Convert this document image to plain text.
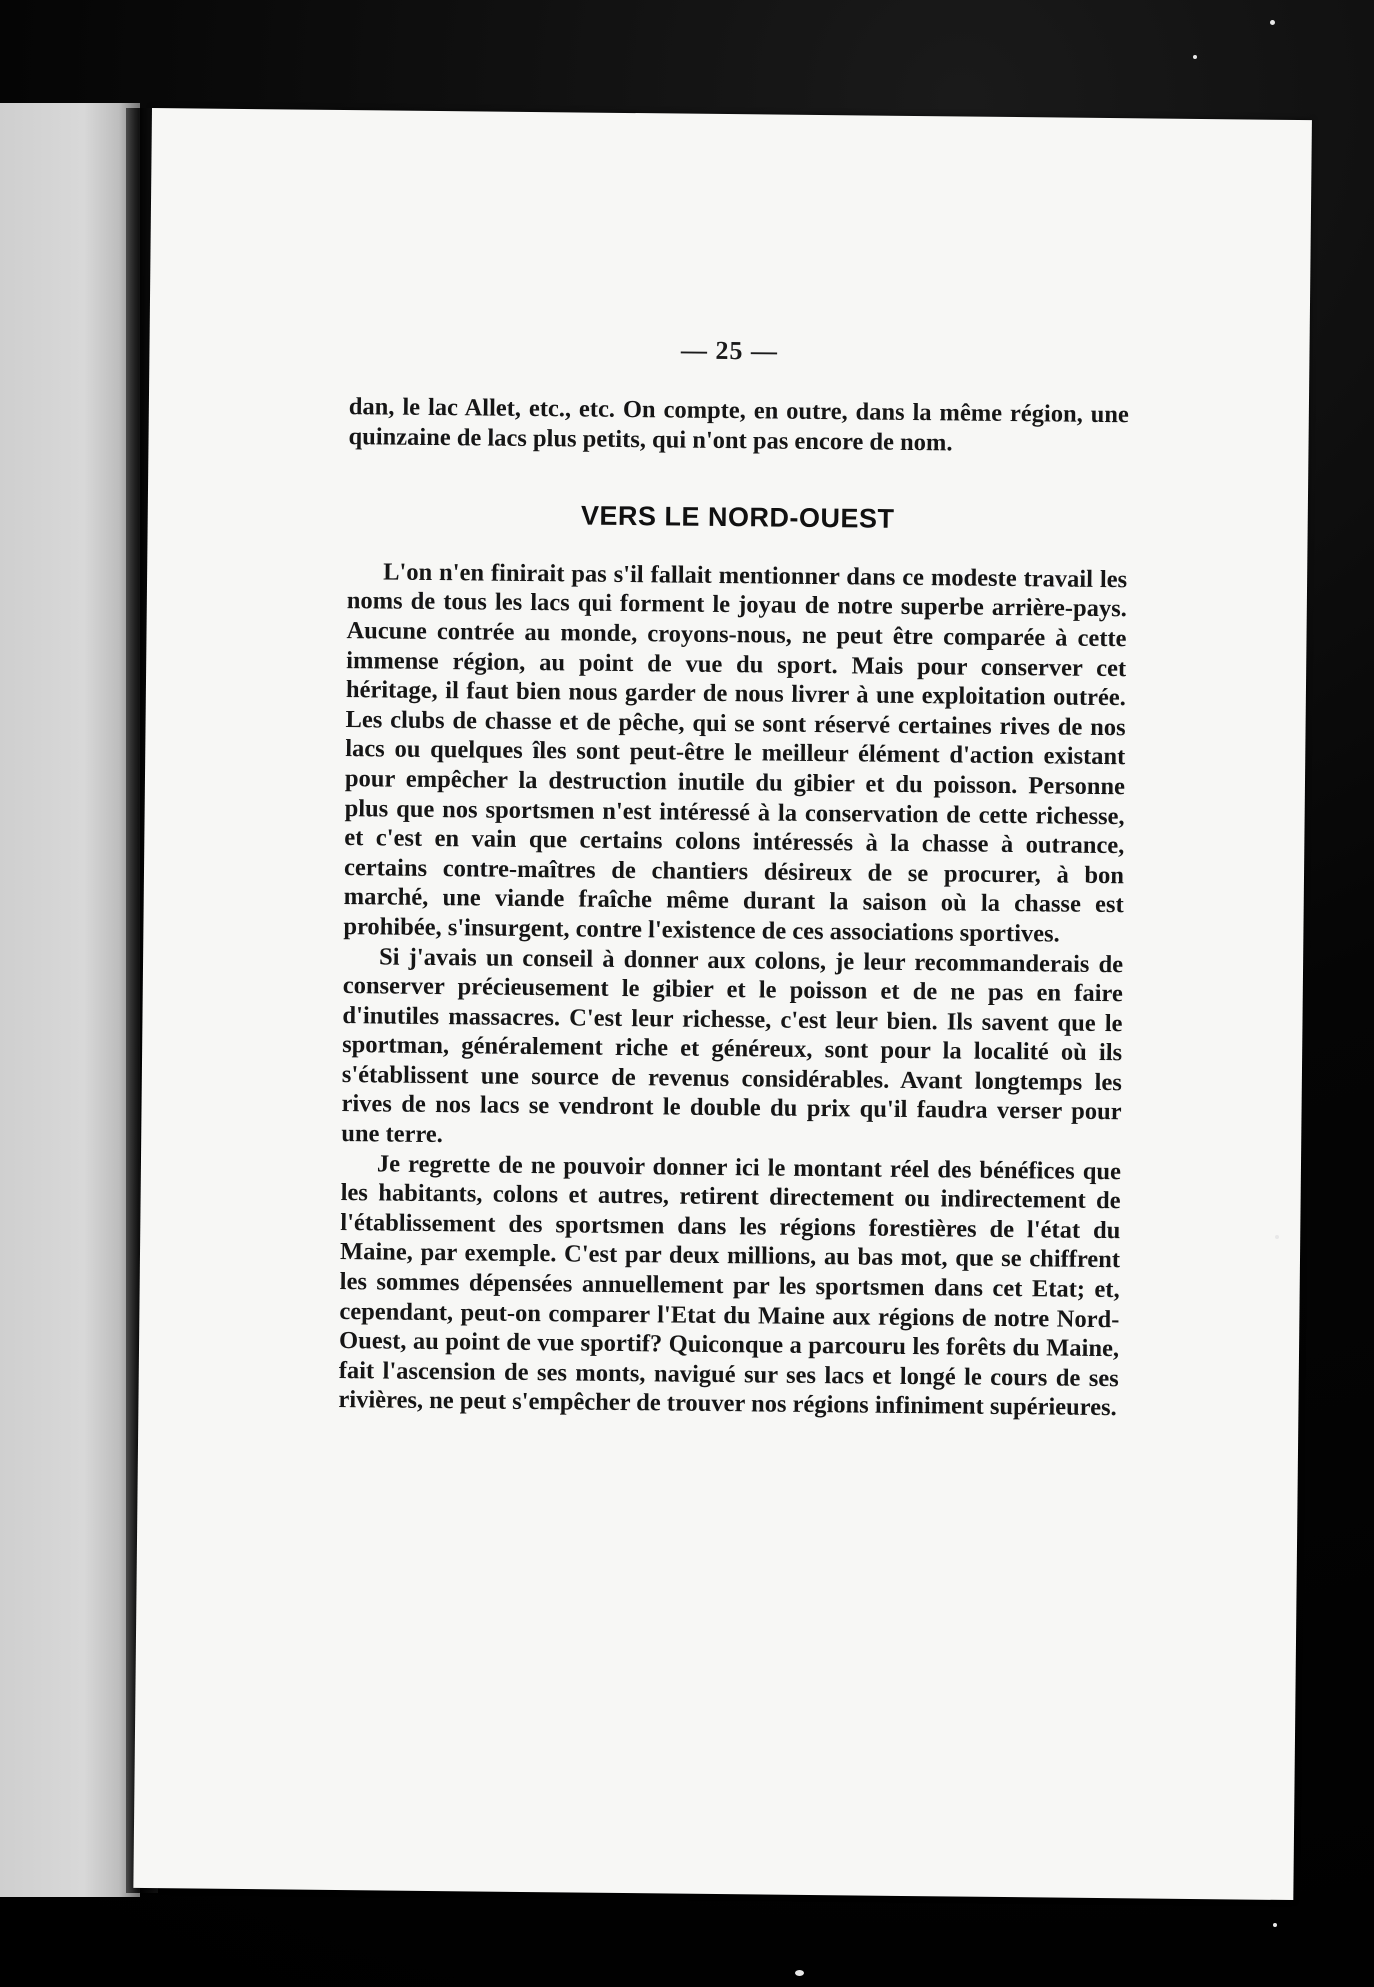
— 25 —

dan, le lac Allet, etc., etc. On compte, en outre, dans la même région, une quinzaine de lacs plus petits, qui n'ont pas encore de nom.

VERS LE NORD-OUEST

L'on n'en finirait pas s'il fallait mentionner dans ce modeste travail les noms de tous les lacs qui forment le joyau de notre superbe arrière-pays. Aucune contrée au monde, croyons-nous, ne peut être comparée à cette immense région, au point de vue du sport. Mais pour conserver cet héritage, il faut bien nous garder de nous livrer à une exploitation outrée. Les clubs de chasse et de pêche, qui se sont réservé certaines rives de nos lacs ou quelques îles sont peut-être le meilleur élément d'action existant pour empêcher la destruction inutile du gibier et du poisson. Personne plus que nos sportsmen n'est intéressé à la conservation de cette richesse, et c'est en vain que certains colons intéressés à la chasse à outrance, certains contre-maîtres de chantiers désireux de se procurer, à bon marché, une viande fraîche même durant la saison où la chasse est prohibée, s'insurgent, contre l'existence de ces associations sportives.

Si j'avais un conseil à donner aux colons, je leur recommanderais de conserver précieusement le gibier et le poisson et de ne pas en faire d'inutiles massacres. C'est leur richesse, c'est leur bien. Ils savent que le sportman, généralement riche et généreux, sont pour la localité où ils s'établissent une source de revenus considérables. Avant longtemps les rives de nos lacs se vendront le double du prix qu'il faudra verser pour une terre.

Je regrette de ne pouvoir donner ici le montant réel des bénéfices que les habitants, colons et autres, retirent directement ou indirectement de l'établissement des sportsmen dans les régions forestières de l'état du Maine, par exemple. C'est par deux millions, au bas mot, que se chiffrent les sommes dépensées annuellement par les sportsmen dans cet Etat; et, cependant, peut-on comparer l'Etat du Maine aux régions de notre Nord-Ouest, au point de vue sportif? Quiconque a parcouru les forêts du Maine, fait l'ascension de ses monts, navigué sur ses lacs et longé le cours de ses rivières, ne peut s'empêcher de trouver nos régions infiniment supérieures.
